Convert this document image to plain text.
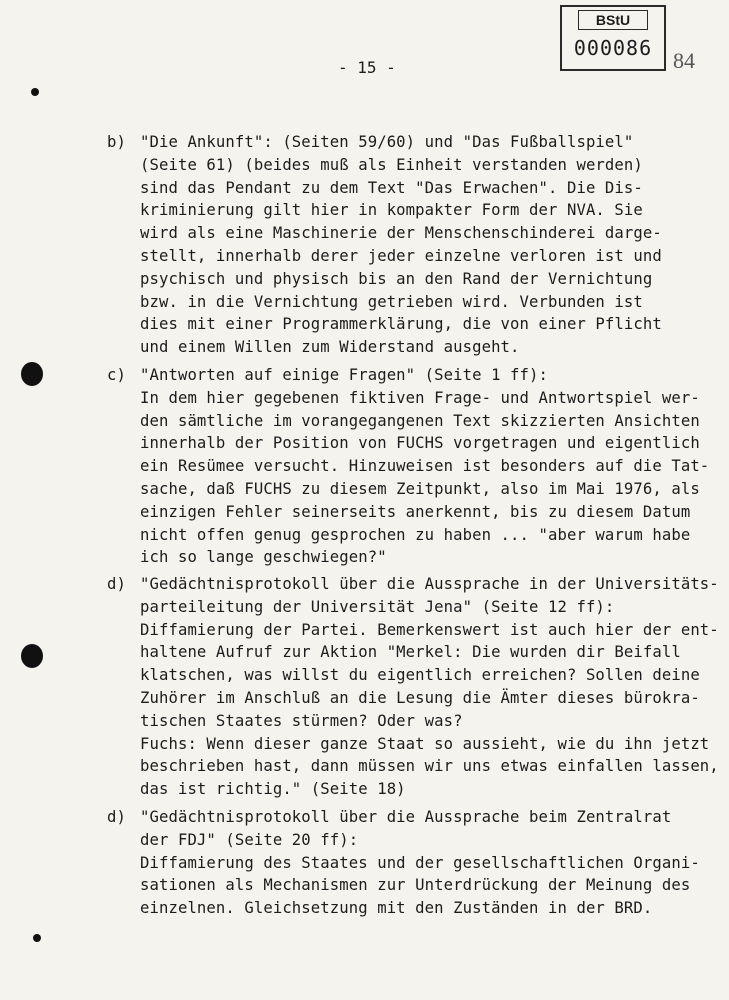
BStU
000086 84
- 15 -
b) "Die Ankunft": (Seiten 59/60) und "Das Fußballspiel"
(Seite 61) (beides muß als Einheit verstanden werden)
sind das Pendant zu dem Text "Das Erwachen". Die Dis-
kriminierung gilt hier in kompakter Form der NVA. Sie
wird als eine Maschinerie der Menschenschinderei darge-
stellt, innerhalb derer jeder einzelne verloren ist und
psychisch und physisch bis an den Rand der Vernichtung
bzw. in die Vernichtung getrieben wird. Verbunden ist
dies mit einer Programmerklärung, die von einer Pflicht
und einem Willen zum Widerstand ausgeht.
c) "Antworten auf einige Fragen" (Seite 1 ff):
In dem hier gegebenen fiktiven Frage- und Antwortspiel wer-
den sämtliche im vorangegangenen Text skizzierten Ansichten
innerhalb der Position von FUCHS vorgetragen und eigentlich
ein Resümee versucht. Hinzuweisen ist besonders auf die Tat-
sache, daß FUCHS zu diesem Zeitpunkt, also im Mai 1976, als
einzigen Fehler seinerseits anerkennt, bis zu diesem Datum
nicht offen genug gesprochen zu haben ... "aber warum habe
ich so lange geschwiegen?"
d) "Gedächtnisprotokoll über die Aussprache in der Universitäts-
parteileitung der Universität Jena" (Seite 12 ff):
Diffamierung der Partei. Bemerkenswert ist auch hier der ent-
haltene Aufruf zur Aktion "Merkel: Die wurden dir Beifall
klatschen, was willst du eigentlich erreichen? Sollen deine
Zuhörer im Anschluß an die Lesung die Ämter dieses bürokra-
tischen Staates stürmen? Oder was?
Fuchs: Wenn dieser ganze Staat so aussieht, wie du ihn jetzt
beschrieben hast, dann müssen wir uns etwas einfallen lassen,
das ist richtig." (Seite 18)
d) "Gedächtnisprotokoll über die Aussprache beim Zentralrat
der FDJ" (Seite 20 ff):
Diffamierung des Staates und der gesellschaftlichen Organi-
sationen als Mechanismen zur Unterdrückung der Meinung des
einzelnen. Gleichsetzung mit den Zuständen in der BRD.
